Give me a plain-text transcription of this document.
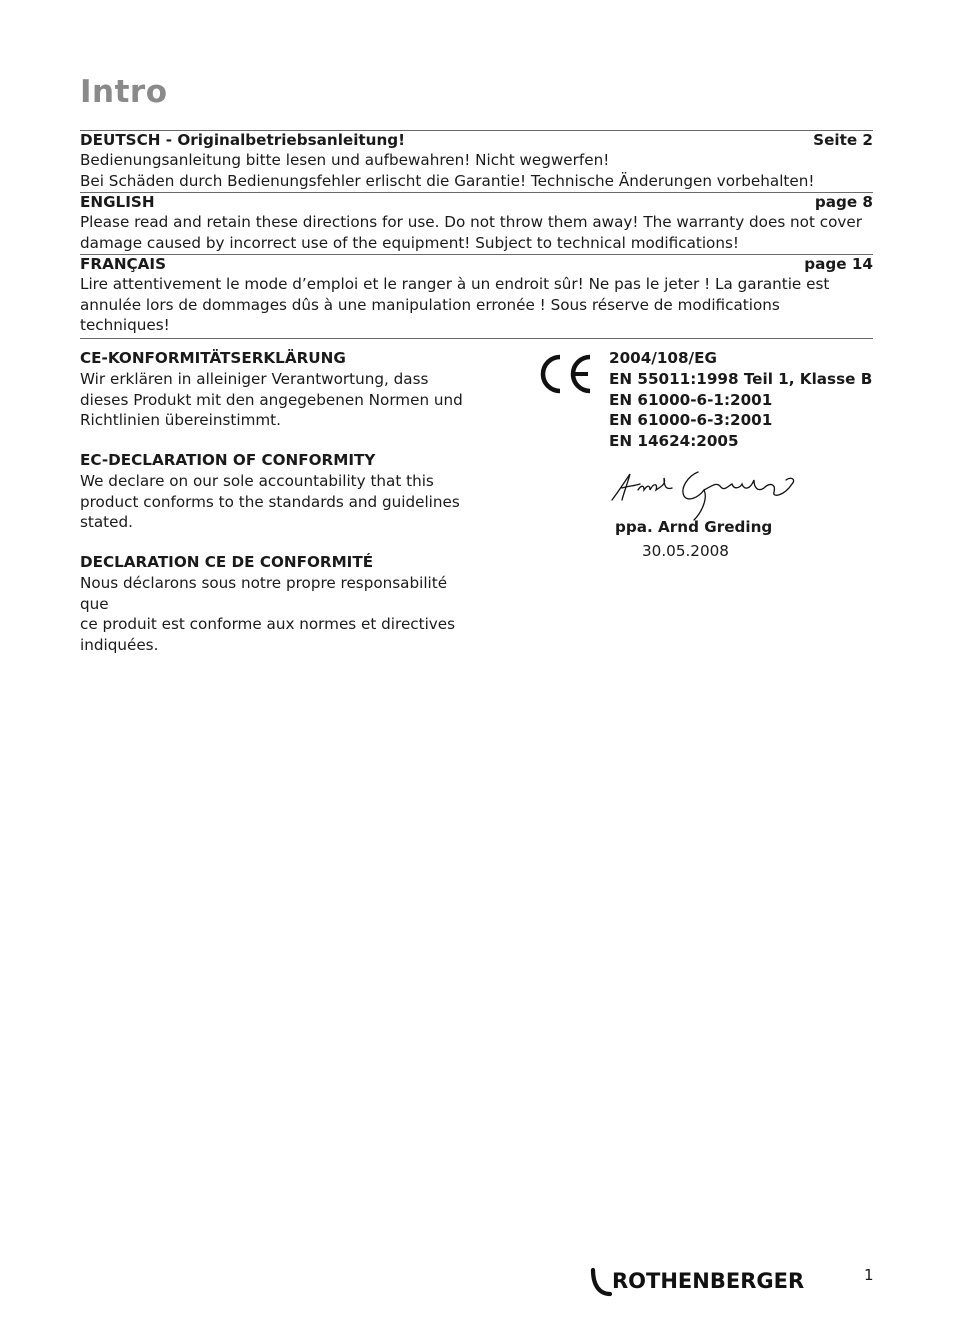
Intro
DEUTSCH - Originalbetriebsanleitung!	Seite 2

Bedienungsanleitung bitte lesen und aufbewahren! Nicht wegwerfen!

Bei Schäden durch Bedienungsfehler erlischt die Garantie! Technische Änderungen vorbehalten!

ENGLISH	page 8

Please read and retain these directions for use. Do not throw them away! The warranty does not cover

damage caused by incorrect use of the equipment! Subject to technical modifications!

FRANÇAIS	page 14

Lire attentivement le mode d’emploi et le ranger à un endroit sûr! Ne pas le jeter ! La garantie est

annulée lors de dommages dûs à une manipulation erronée ! Sous réserve de modifications techniques!

CE-KONFORMITÄTSERKLÄRUNG

Wir erklären in alleiniger Verantwortung, dass

dieses Produkt mit den angegebenen Normen und

Richtlinien übereinstimmt.

EC-DECLARATION OF CONFORMITY

We declare on our sole accountability that this

product conforms to the standards and guidelines

stated.

DECLARATION CE DE CONFORMITÉ

Nous déclarons sous notre propre responsabilité que

ce produit est conforme aux normes et directives

indiquées.

2004/108/EG
EN 55011:1998 Teil 1, Klasse B
EN 61000-6-1:2001
EN 61000-6-3:2001
EN 14624:2005
ppa. Arnd Greding
30.05.2008
ROTHENBERGER	1
